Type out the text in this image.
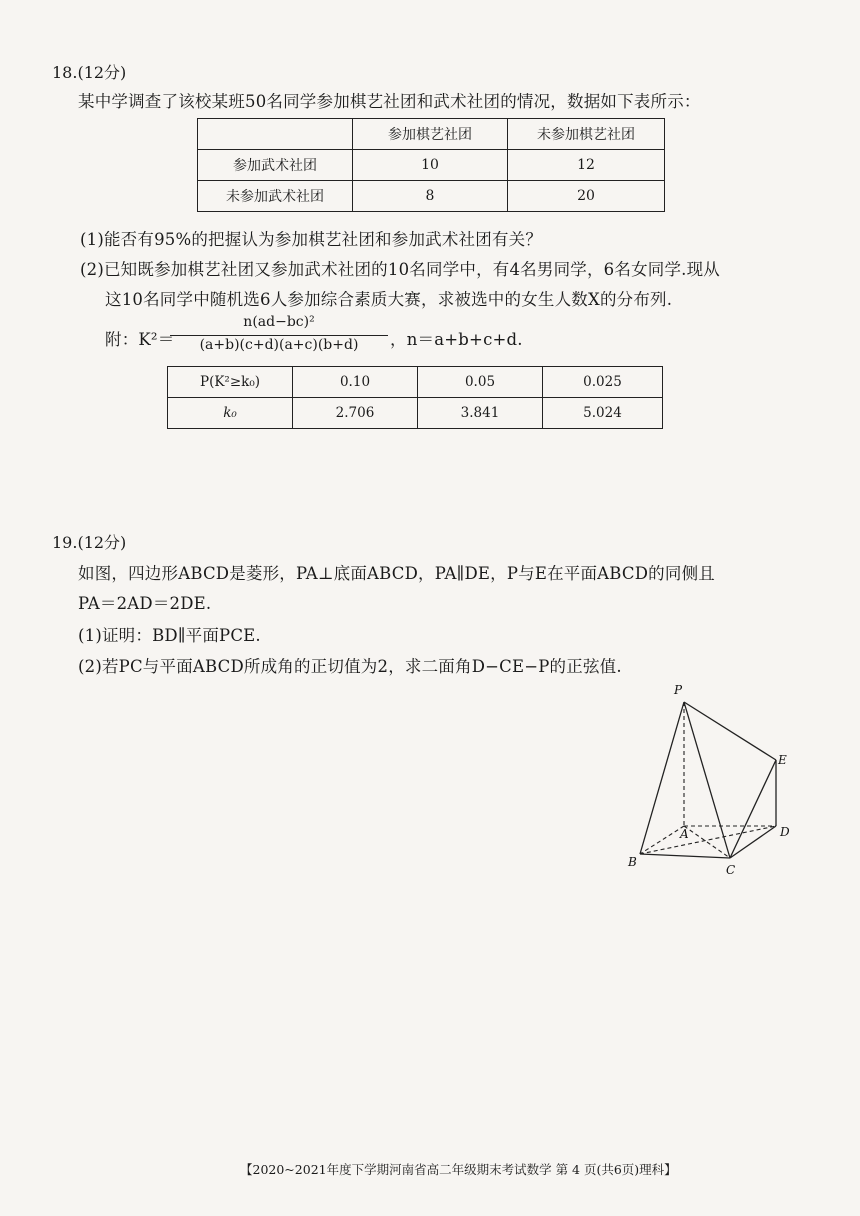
18.(12分)
某中学调查了该校某班50名同学参加棋艺社团和武术社团的情况，数据如下表所示：
	参加棋艺社团	未参加棋艺社团
参加武术社团	10	12
未参加武术社团	8	20
(1)能否有95%的把握认为参加棋艺社团和参加武术社团有关？
(2)已知既参加棋艺社团又参加武术社团的10名同学中，有4名男同学，6名女同学.现从
这10名同学中随机选6人参加综合素质大赛，求被选中的女生人数X的分布列.
附：K²＝
n(ad−bc)²
(a+b)(c+d)(a+c)(b+d)	，n＝a+b+c+d.
P(K²≥k₀)	0.10	0.05	0.025
k₀	2.706	3.841	5.024
19.(12分)
如图，四边形ABCD是菱形，PA⊥底面ABCD，PA∥DE，P与E在平面ABCD的同侧且
PA＝2AD＝2DE.
(1)证明：BD∥平面PCE.
(2)若PC与平面ABCD所成角的正切值为2，求二面角D−CE−P的正弦值.
P
E
A
B
C
D
【2020~2021年度下学期河南省高二年级期末考试数学 第 4 页(共6页)理科】
